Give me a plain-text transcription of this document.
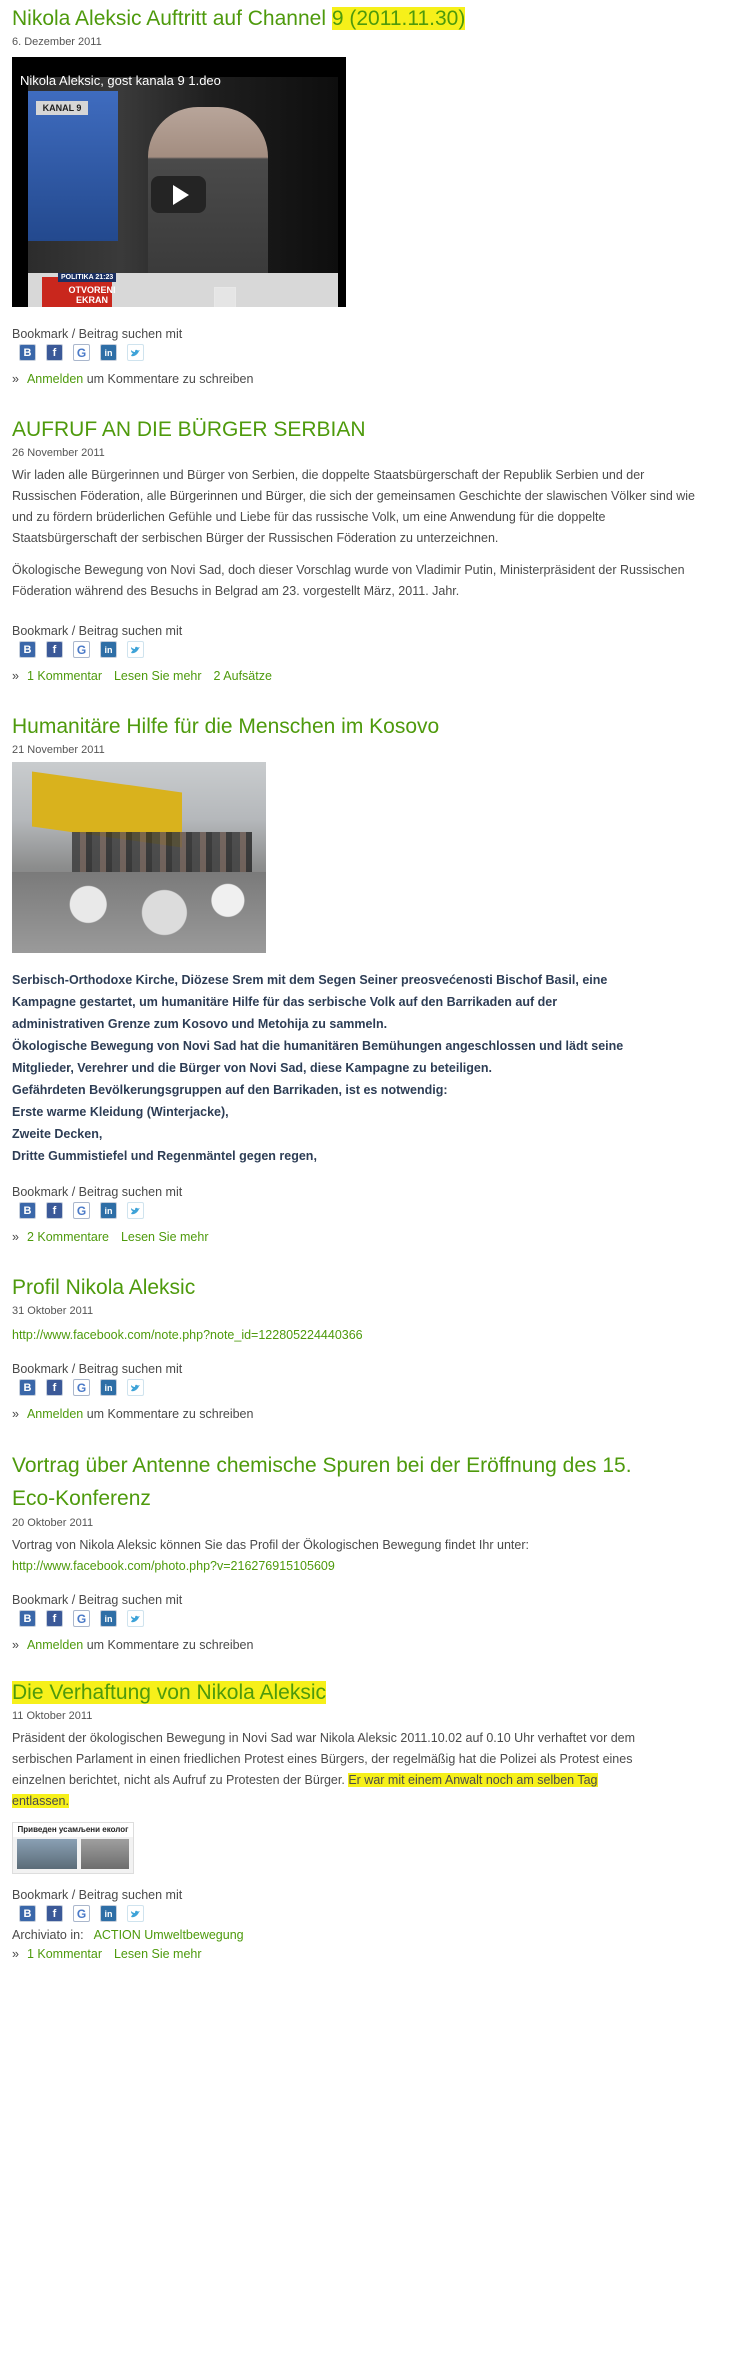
Nikola Aleksic Auftritt auf Channel 9 (2011.11.30)
6. Dezember 2011
KANAL 9
POLITIKA 21:23
OTVORENI EKRAN
Nikola Aleksic, gost kanala 9 1.deo
Bookmark / Beitrag suchen mit
B	f	G	in
» Anmelden um Kommentare zu schreiben
AUFRUF AN DIE BÜRGER SERBIAN
26 November 2011

Wir laden alle Bürgerinnen und Bürger von Serbien, die doppelte Staatsbürgerschaft der Republik Serbien und der Russischen Föderation, alle Bürgerinnen und Bürger, die sich der gemeinsamen Geschichte der slawischen Völker sind wie und zu fördern brüderlichen Gefühle und Liebe für das russische Volk, um eine Anwendung für die doppelte Staatsbürgerschaft der serbischen Bürger der Russischen Föderation zu unterzeichnen.

Ökologische Bewegung von Novi Sad, doch dieser Vorschlag wurde von Vladimir Putin, Ministerpräsident der Russischen Föderation während des Besuchs in Belgrad am 23. vorgestellt März, 2011. Jahr.

Bookmark / Beitrag suchen mit
B	f	G	in
» 1 Kommentar Lesen Sie mehr 2 Aufsätze
Humanitäre Hilfe für die Menschen im Kosovo
21 November 2011
Serbisch-Orthodoxe Kirche, Diözese Srem mit dem Segen Seiner preosvećenosti Bischof Basil, eine
Kampagne gestartet, um humanitäre Hilfe für das serbische Volk auf den Barrikaden auf der
administrativen Grenze zum Kosovo und Metohija zu sammeln.
Ökologische Bewegung von Novi Sad hat die humanitären Bemühungen angeschlossen und lädt seine
Mitglieder, Verehrer und die Bürger von Novi Sad, diese Kampagne zu beteiligen.
Gefährdeten Bevölkerungsgruppen auf den Barrikaden, ist es notwendig:
Erste warme Kleidung (Winterjacke),
Zweite Decken,
Dritte Gummistiefel und Regenmäntel gegen regen,
Bookmark / Beitrag suchen mit
B	f	G	in
» 2 Kommentare Lesen Sie mehr
Profil Nikola Aleksic
31 Oktober 2011
http://www.facebook.com/note.php?note_id=122805224440366
Bookmark / Beitrag suchen mit
B	f	G	in
» Anmelden um Kommentare zu schreiben
Vortrag über Antenne chemische Spuren bei der Eröffnung des 15.
Eco-Konferenz
20 Oktober 2011
Vortrag von Nikola Aleksic können Sie das Profil der Ökologischen Bewegung findet Ihr unter:
http://www.facebook.com/photo.php?v=216276915105609
Bookmark / Beitrag suchen mit
B	f	G	in
» Anmelden um Kommentare zu schreiben
Die Verhaftung von Nikola Aleksic
11 Oktober 2011
Präsident der ökologischen Bewegung in Novi Sad war Nikola Aleksic 2011.10.02 auf 0.10 Uhr verhaftet vor dem
serbischen Parlament in einen friedlichen Protest eines Bürgers, der regelmäßig hat die Polizei als Protest eines
einzelnen berichtet, nicht als Aufruf zu Protesten der Bürger. Er war mit einem Anwalt noch am selben Tag
entlassen.
Приведен усамљени еколог
Bookmark / Beitrag suchen mit
B	f	G	in
Archiviato in: ACTION Umweltbewegung
» 1 Kommentar Lesen Sie mehr
